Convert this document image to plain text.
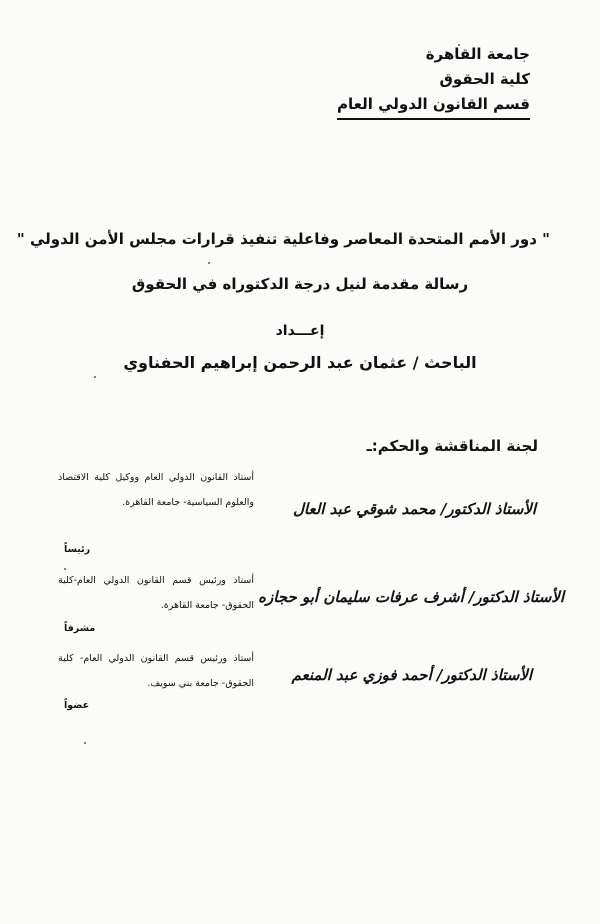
جامعة القاهرة
كلية الحقوق
قسم القانون الدولي العام
" دور الأمم المتحدة المعاصر وفاعلية تنفيذ قرارات مجلس الأمن الدولي "
رسالة مقدمة لنيل درجة الدكتوراه في الحقوق
إعـــداد
الباحث / عثمان عبد الرحمن إبراهيم الحفناوي
لجنة المناقشة والحكم:ـ
الأستاذ الدكتور/ محمد شوقي عبد العال
أستاذ القانون الدولي العام ووكيل كلية الاقتصاد والعلوم السياسية- جامعة القاهرة.
رئيساً
الأستاذ الدكتور/ أشرف عرفات سليمان أبو حجازه
أستاذ ورئيس قسم القانون الدولي العام-كلية الحقوق- جامعة القاهرة.
مشرفاً
الأستاذ الدكتور/ أحمد فوزي عبد المنعم
أستاذ ورئيس قسم القانون الدولي العام- كلية الحقوق- جامعة بني سويف.
عضواً
